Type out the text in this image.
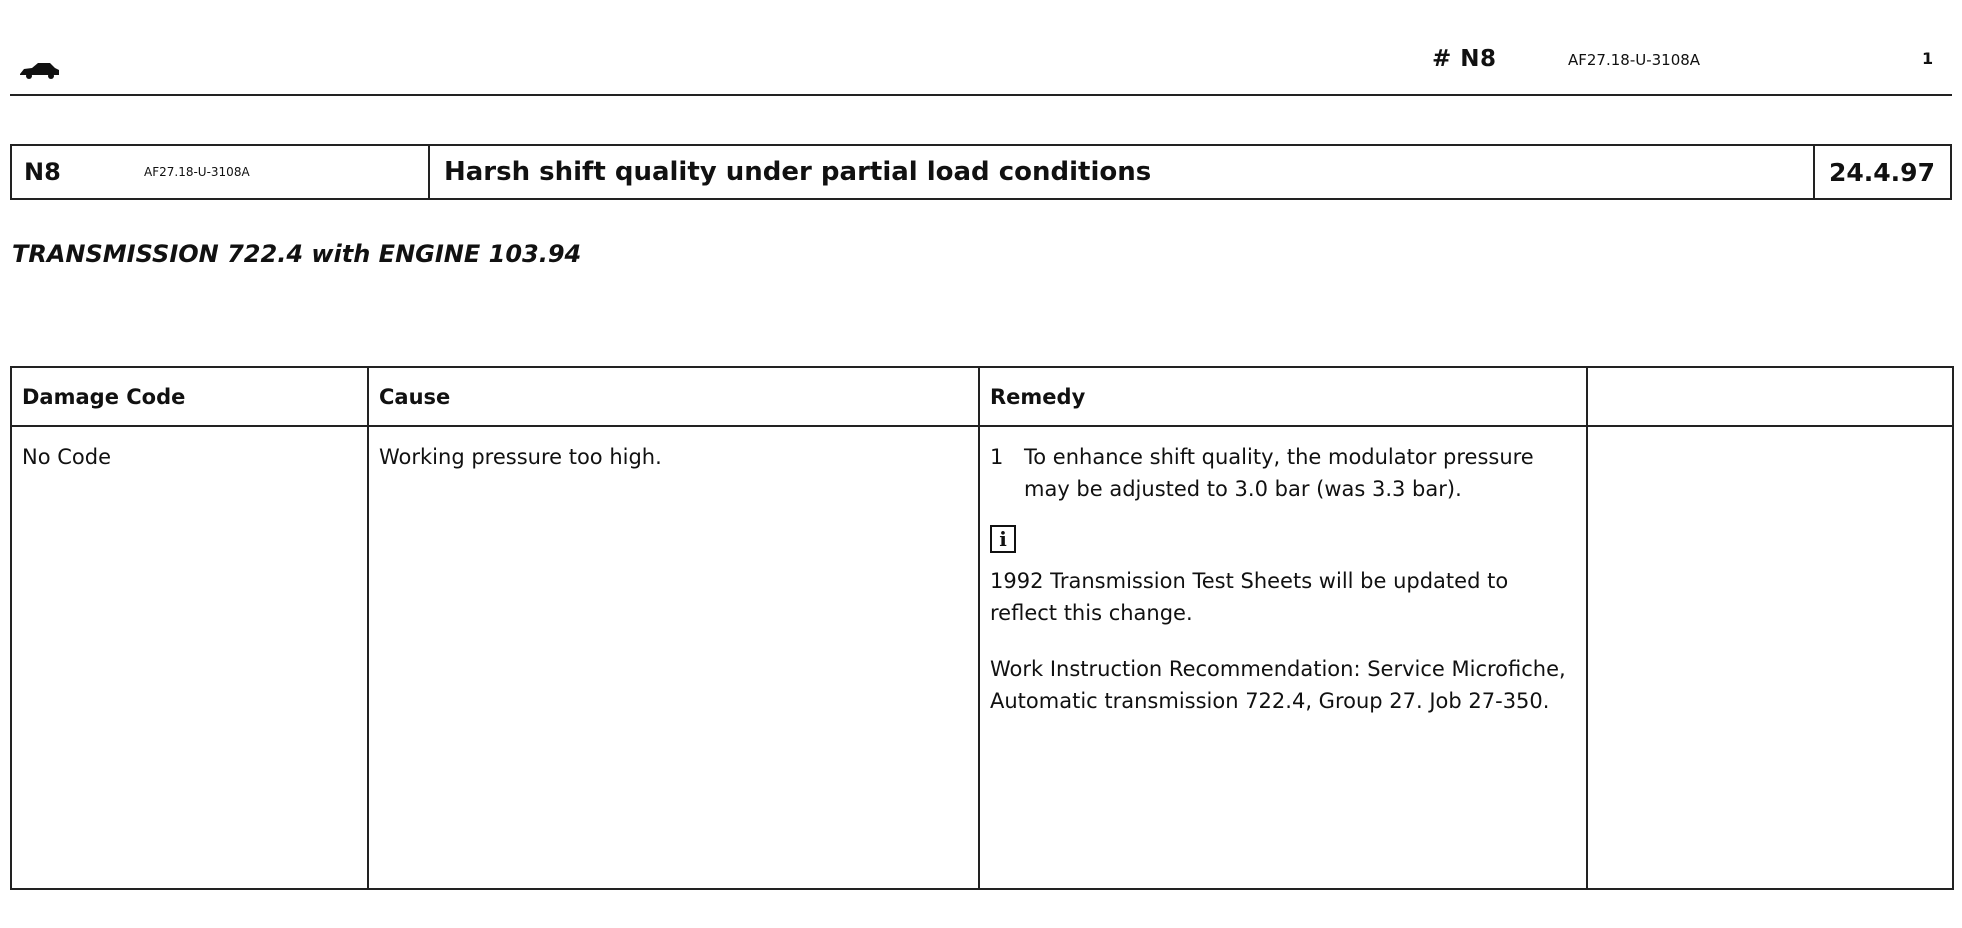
# N8	AF27.18-U-3108A	1
N8	AF27.18-U-3108A	Harsh shift quality under partial load conditions	24.4.97
TRANSMISSION 722.4 with ENGINE 103.94
Damage Code	Cause	Remedy	
No Code	Working pressure too high.	1 To enhance shift quality, the modulator pressure may be adjusted to 3.0 bar (was 3.3 bar).
i
1992 Transmission Test Sheets will be updated to reflect this change.
Work Instruction Recommendation: Service Microfiche, Automatic transmission 722.4, Group 27. Job 27-350.	
